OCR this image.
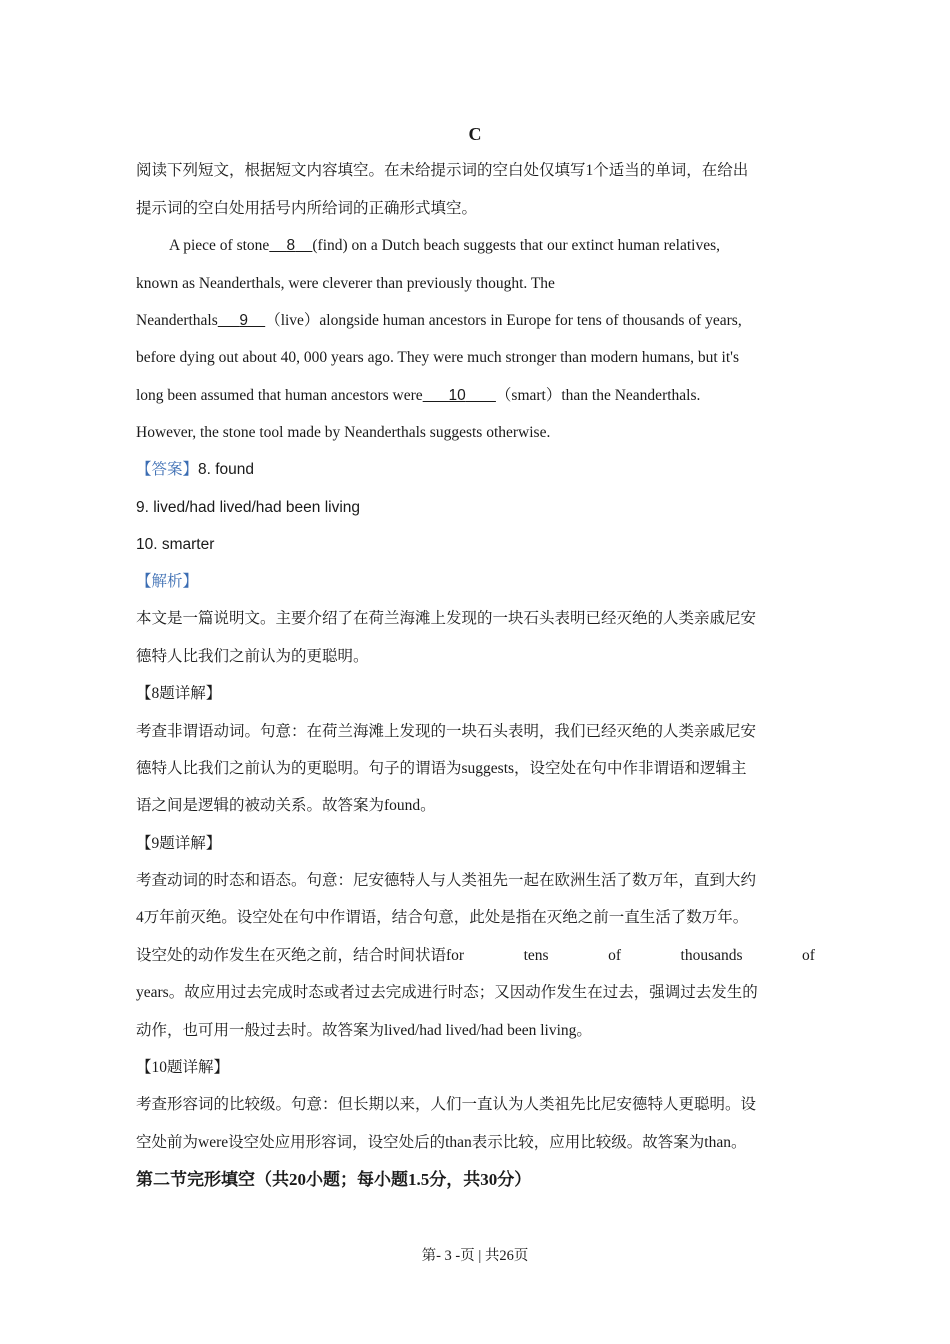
C
阅读下列短文，根据短文内容填空。在未给提示词的空白处仅填写1个适当的单词，在给出
提示词的空白处用括号内所给词的正确形式填空。
A piece of stone 8 (find) on a Dutch beach suggests that our extinct human relatives,
known as Neanderthals, were cleverer than previously thought. The
Neanderthals 9 （live）alongside human ancestors in Europe for tens of thousands of years,
before dying out about 40, 000 years ago. They were much stronger than modern humans, but it's
long been assumed that human ancestors were 10 （smart）than the Neanderthals.
However, the stone tool made by Neanderthals suggests otherwise.
【答案】8. found
9. lived/had lived/had been living
10. smarter
【解析】
本文是一篇说明文。主要介绍了在荷兰海滩上发现的一块石头表明已经灭绝的人类亲戚尼安
德特人比我们之前认为的更聪明。
【8题详解】
考查非谓语动词。句意：在荷兰海滩上发现的一块石头表明，我们已经灭绝的人类亲戚尼安
德特人比我们之前认为的更聪明。句子的谓语为suggests，设空处在句中作非谓语和逻辑主
语之间是逻辑的被动关系。故答案为found。
【9题详解】
考查动词的时态和语态。句意：尼安德特人与人类祖先一起在欧洲生活了数万年，直到大约
4万年前灭绝。设空处在句中作谓语，结合句意，此处是指在灭绝之前一直生活了数万年。
设空处的动作发生在灭绝之前，结合时间状语for	tens	of	thousands	of
years。故应用过去完成时态或者过去完成进行时态；又因动作发生在过去，强调过去发生的
动作，也可用一般过去时。故答案为lived/had lived/had been living。
【10题详解】
考查形容词的比较级。句意：但长期以来，人们一直认为人类祖先比尼安德特人更聪明。设
空处前为were设空处应用形容词，设空处后的than表示比较，应用比较级。故答案为than。
第二节完形填空（共20小题；每小题1.5分，共30分）
第- 3 -页 | 共26页
